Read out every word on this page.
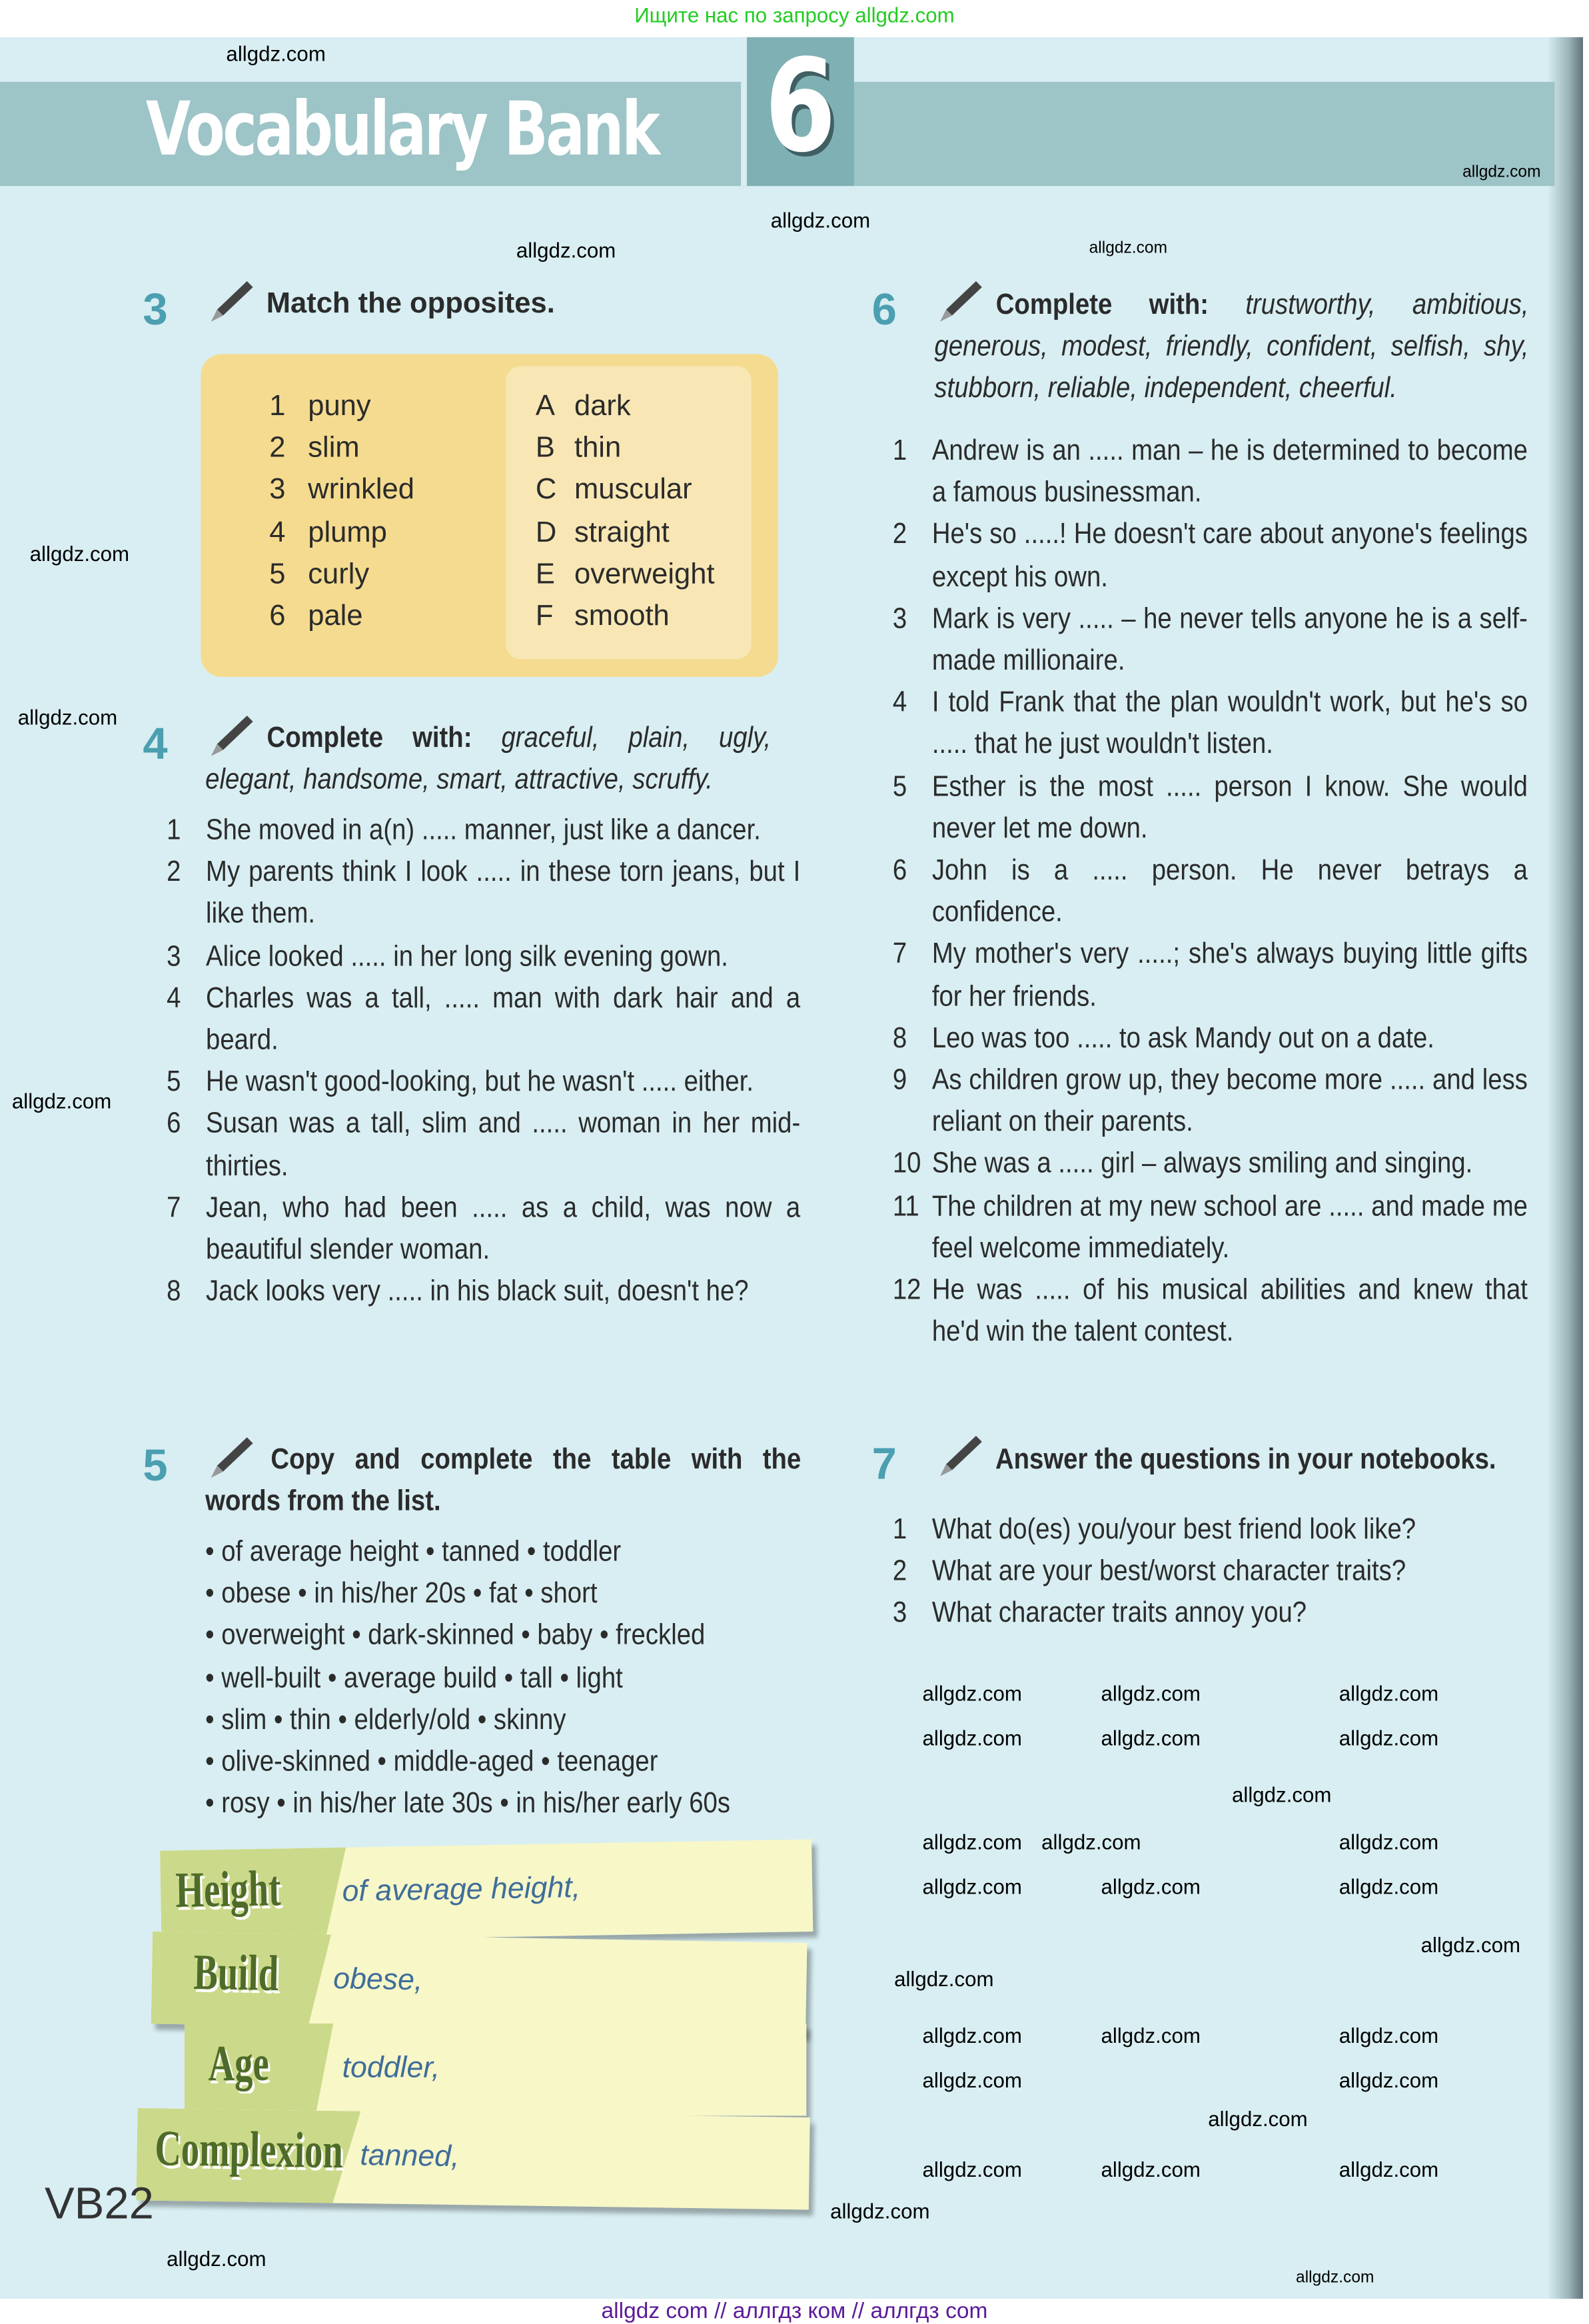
Ищите нас по запросу allgdz.com
Vocabulary Bank 6
3	Match the opposites.
1 puny
2 slim
3 wrinkled
4 plump
5 curly
6 pale
A dark
B thin
C muscular
D straight
E overweight
F smooth
4	Complete with: graceful, plain, ugly, elegant, handsome, smart, attractive, scruffy.
1	She moved in a(n) ..... manner, just like a dancer.
2	My parents think I look ..... in these torn jeans, but I like them.
3	Alice looked ..... in her long silk evening gown.
4	Charles was a tall, ..... man with dark hair and a beard.
5	He wasn't good-looking, but he wasn't ..... either.
6	Susan was a tall, slim and ..... woman in her mid-thirties.
7	Jean, who had been ..... as a child, was now a beautiful slender woman.
8	Jack looks very ..... in his black suit, doesn't he?
5	Copy and complete the table with the words from the list.
• of average height • tanned • toddler
• obese • in his/her 20s • fat • short
• overweight • dark-skinned • baby • freckled
• well-built • average build • tall • light
• slim • thin • elderly/old • skinny
• olive-skinned • middle-aged • teenager
• rosy • in his/her late 30s • in his/her early 60s
Height	of average height,
Build	obese,
Age	toddler,
Complexion tanned,
6	Complete with:	trustworthy, ambitious, generous, modest, friendly, confident, selfish, shy, stubborn, reliable, independent, cheerful.
1	Andrew is an ..... man – he is determined to become a famous businessman.
2	He's so .....! He doesn't care about anyone's feelings except his own.
3	Mark is very ..... – he never tells anyone he is a self-made millionaire.
4	I told Frank that the plan wouldn't work, but he's so ..... that he just wouldn't listen.
5	Esther is the most ..... person I know. She would never let me down.
6	John is a ..... person. He never betrays a confidence.
7	My mother's very .....; she's always buying little gifts for her friends.
8	Leo was too ..... to ask Mandy out on a date.
9	As children grow up, they become more ..... and less reliant on their parents.
10 She was a ..... girl – always smiling and singing.
11 The children at my new school are ..... and made me feel welcome immediately.
12 He was ..... of his musical abilities and knew that he'd win the talent contest.
7	Answer the questions in your notebooks.
1	What do(es) you/your best friend look like?
2	What are your best/worst character traits?
3	What character traits annoy you?
VB22
allgdz.com
allgdz.com
allgdz.com
allgdz.com
allgdz.com
allgdz.com
allgdz.com
allgdz.com
allgdz.com	allgdz.com	allgdz.com
allgdz.com	allgdz.com	allgdz.com
allgdz.com
allgdz.com allgdz.com	allgdz.com
allgdz.com	allgdz.com	allgdz.com
allgdz.com
allgdz.com
allgdz.com	allgdz.com	allgdz.com
allgdz.com	allgdz.com
allgdz.com
allgdz.com	allgdz.com	allgdz.com
allgdz.com
allgdz.com
allgdz.com
allgdz com // аллгдз ком // аллгдз com
